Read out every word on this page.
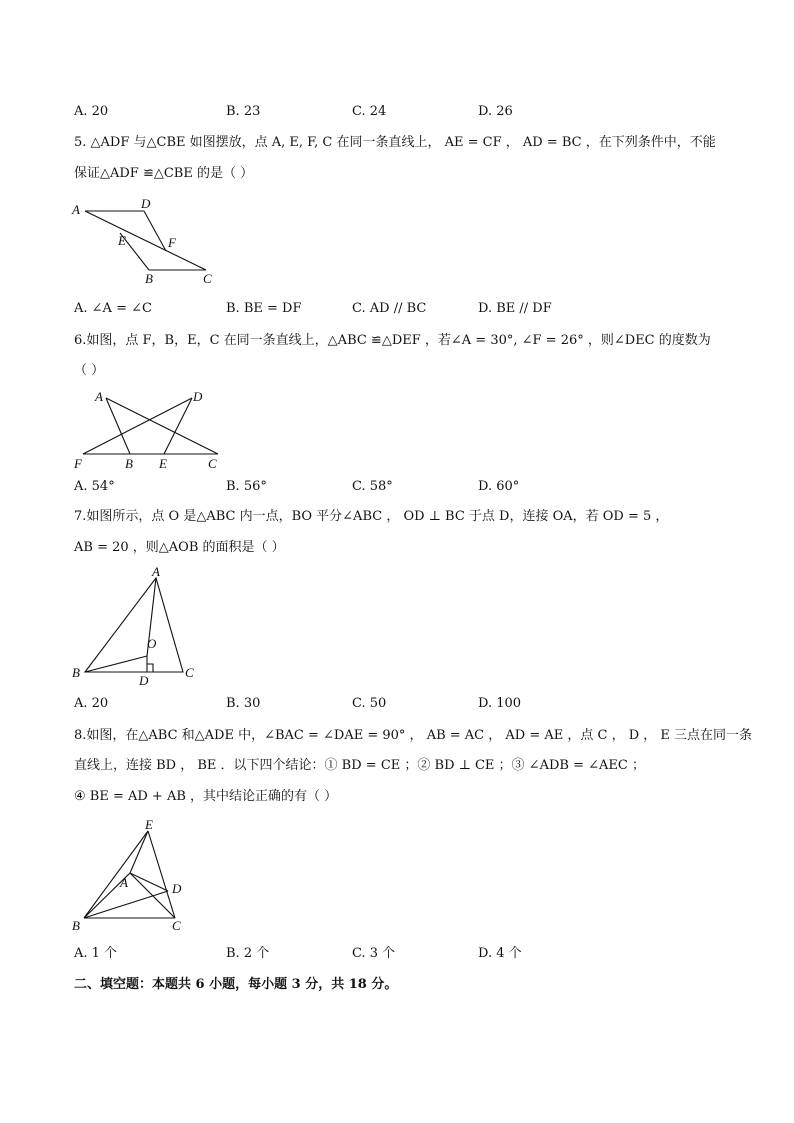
A. 20	B. 23	C. 24	D. 26
5. △ADF 与△CBE 如图摆放，点 A, E, F, C 在同一条直线上， AE = CF ， AD = BC ，在下列条件中，不能
保证△ADF ≌△CBE 的是（ ）
A	D
E	F
B	C
A. ∠A = ∠C	B. BE = DF	C. AD // BC	D. BE // DF
6.如图，点 F，B，E，C 在同一条直线上，△ABC ≌△DEF ，若∠A = 30°, ∠F = 26° ，则∠DEC 的度数为
（ ）
A	D
F	B E	C
A. 54°	B. 56°	C. 58°	D. 60°
7.如图所示，点 O 是△ABC 内一点，BO 平分∠ABC ， OD ⊥ BC 于点 D，连接 OA，若 OD = 5 ，
AB = 20 ，则△AOB 的面积是（ ）
A
O
B
D
C
A. 20	B. 30	C. 50	D. 100
8.如图，在△ABC 和△ADE 中，∠BAC = ∠DAE = 90° ， AB = AC ， AD = AE ，点 C ， D ， E 三点在同一条
直线上，连接 BD ， BE ．以下四个结论：① BD = CE ；② BD ⊥ CE ；③ ∠ADB = ∠AEC ；
④ BE = AD + AB ，其中结论正确的有（ ）
E
A	D
B	C
A. 1 个	B. 2 个	C. 3 个	D. 4 个
二、填空题：本题共 6 小题，每小题 3 分，共 18 分。
